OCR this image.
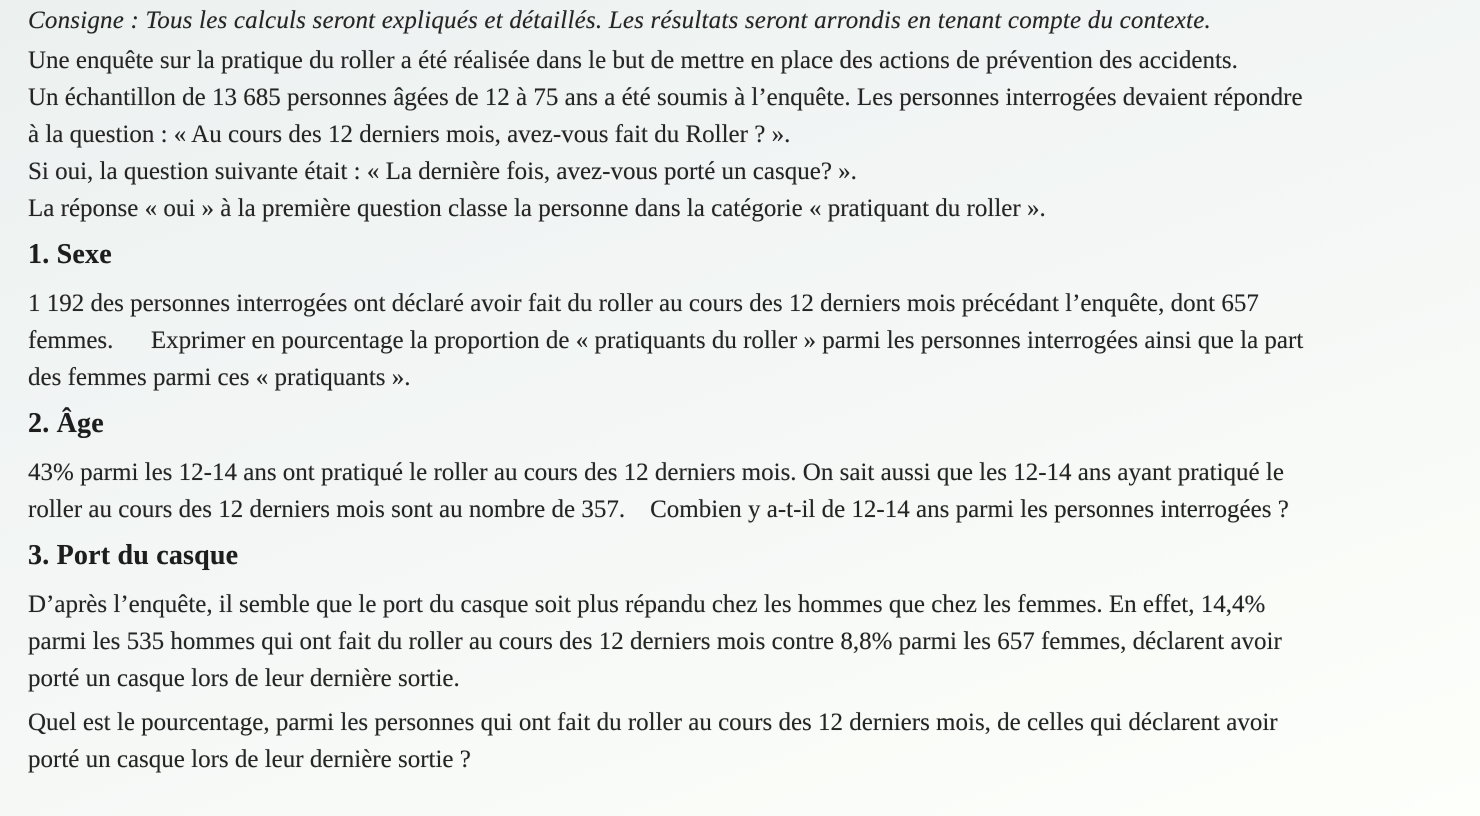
Consigne : Tous les calculs seront expliqués et détaillés. Les résultats seront arrondis en tenant compte du contexte.

Une enquête sur la pratique du roller a été réalisée dans le but de mettre en place des actions de prévention des accidents.
Un échantillon de 13 685 personnes âgées de 12 à 75 ans a été soumis à l’enquête. Les personnes interrogées devaient répondre
à la question : « Au cours des 12 derniers mois, avez-vous fait du Roller ? ».
Si oui, la question suivante était : « La dernière fois, avez-vous porté un casque? ».
La réponse « oui » à la première question classe la personne dans la catégorie « pratiquant du roller ».
1. Sexe
1 192 des personnes interrogées ont déclaré avoir fait du roller au cours des 12 derniers mois précédant l’enquête, dont 657
femmes.      Exprimer en pourcentage la proportion de « pratiquants du roller » parmi les personnes interrogées ainsi que la part
des femmes parmi ces « pratiquants ».
2. Âge
43% parmi les 12-14 ans ont pratiqué le roller au cours des 12 derniers mois. On sait aussi que les 12-14 ans ayant pratiqué le
roller au cours des 12 derniers mois sont au nombre de 357.    Combien y a-t-il de 12-14 ans parmi les personnes interrogées ?
3. Port du casque
D’après l’enquête, il semble que le port du casque soit plus répandu chez les hommes que chez les femmes. En effet, 14,4%
parmi les 535 hommes qui ont fait du roller au cours des 12 derniers mois contre 8,8% parmi les 657 femmes, déclarent avoir
porté un casque lors de leur dernière sortie.
Quel est le pourcentage, parmi les personnes qui ont fait du roller au cours des 12 derniers mois, de celles qui déclarent avoir
porté un casque lors de leur dernière sortie ?
